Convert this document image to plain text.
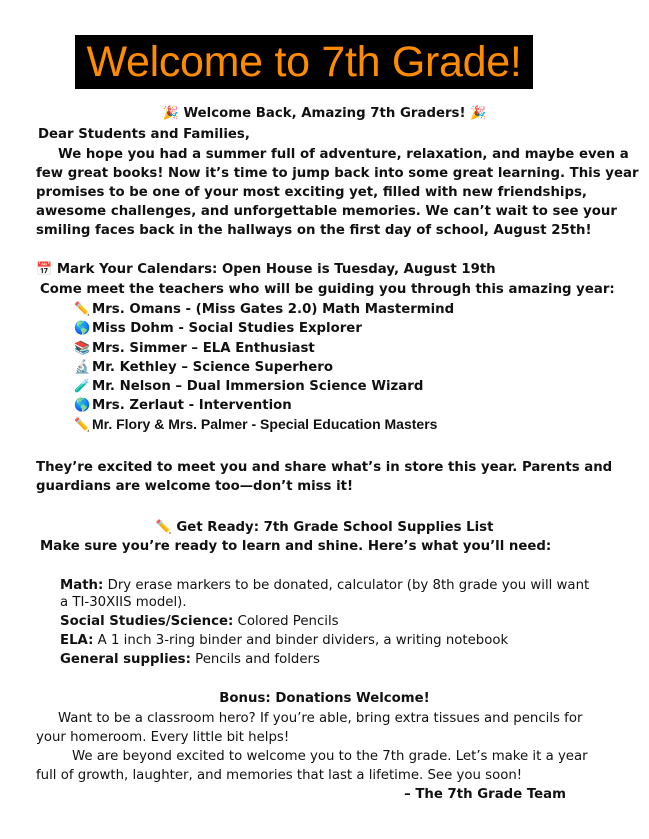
Welcome to 7th Grade!
🎉 Welcome Back, Amazing 7th Graders! 🎉
Dear Students and Families,
We hope you had a summer full of adventure, relaxation, and maybe even a
few great books! Now it’s time to jump back into some great learning. This year
promises to be one of your most exciting yet, filled with new friendships,
awesome challenges, and unforgettable memories. We can’t wait to see your
smiling faces back in the hallways on the first day of school, August 25th!
📅 Mark Your Calendars: Open House is Tuesday, August 19th
Come meet the teachers who will be guiding you through this amazing year:
✏️ Mrs. Omans - (Miss Gates 2.0) Math Mastermind
🌎 Miss Dohm - Social Studies Explorer
📚 Mrs. Simmer – ELA Enthusiast
🔬 Mr. Kethley – Science Superhero
🧪 Mr. Nelson – Dual Immersion Science Wizard
🌎 Mrs. Zerlaut - Intervention
✏️ Mr. Flory & Mrs. Palmer - Special Education Masters
They’re excited to meet you and share what’s in store this year. Parents and
guardians are welcome too—don’t miss it!
✏️ Get Ready: 7th Grade School Supplies List
Make sure you’re ready to learn and shine. Here’s what you’ll need:
Math: Dry erase markers to be donated, calculator (by 8th grade you will want
a TI-30XIIS model).
Social Studies/Science: Colored Pencils
ELA: A 1 inch 3-ring binder and binder dividers, a writing notebook
General supplies: Pencils and folders
Bonus: Donations Welcome!
Want to be a classroom hero? If you’re able, bring extra tissues and pencils for
your homeroom. Every little bit helps!
We are beyond excited to welcome you to the 7th grade. Let’s make it a year
full of growth, laughter, and memories that last a lifetime. See you soon!
– The 7th Grade Team
